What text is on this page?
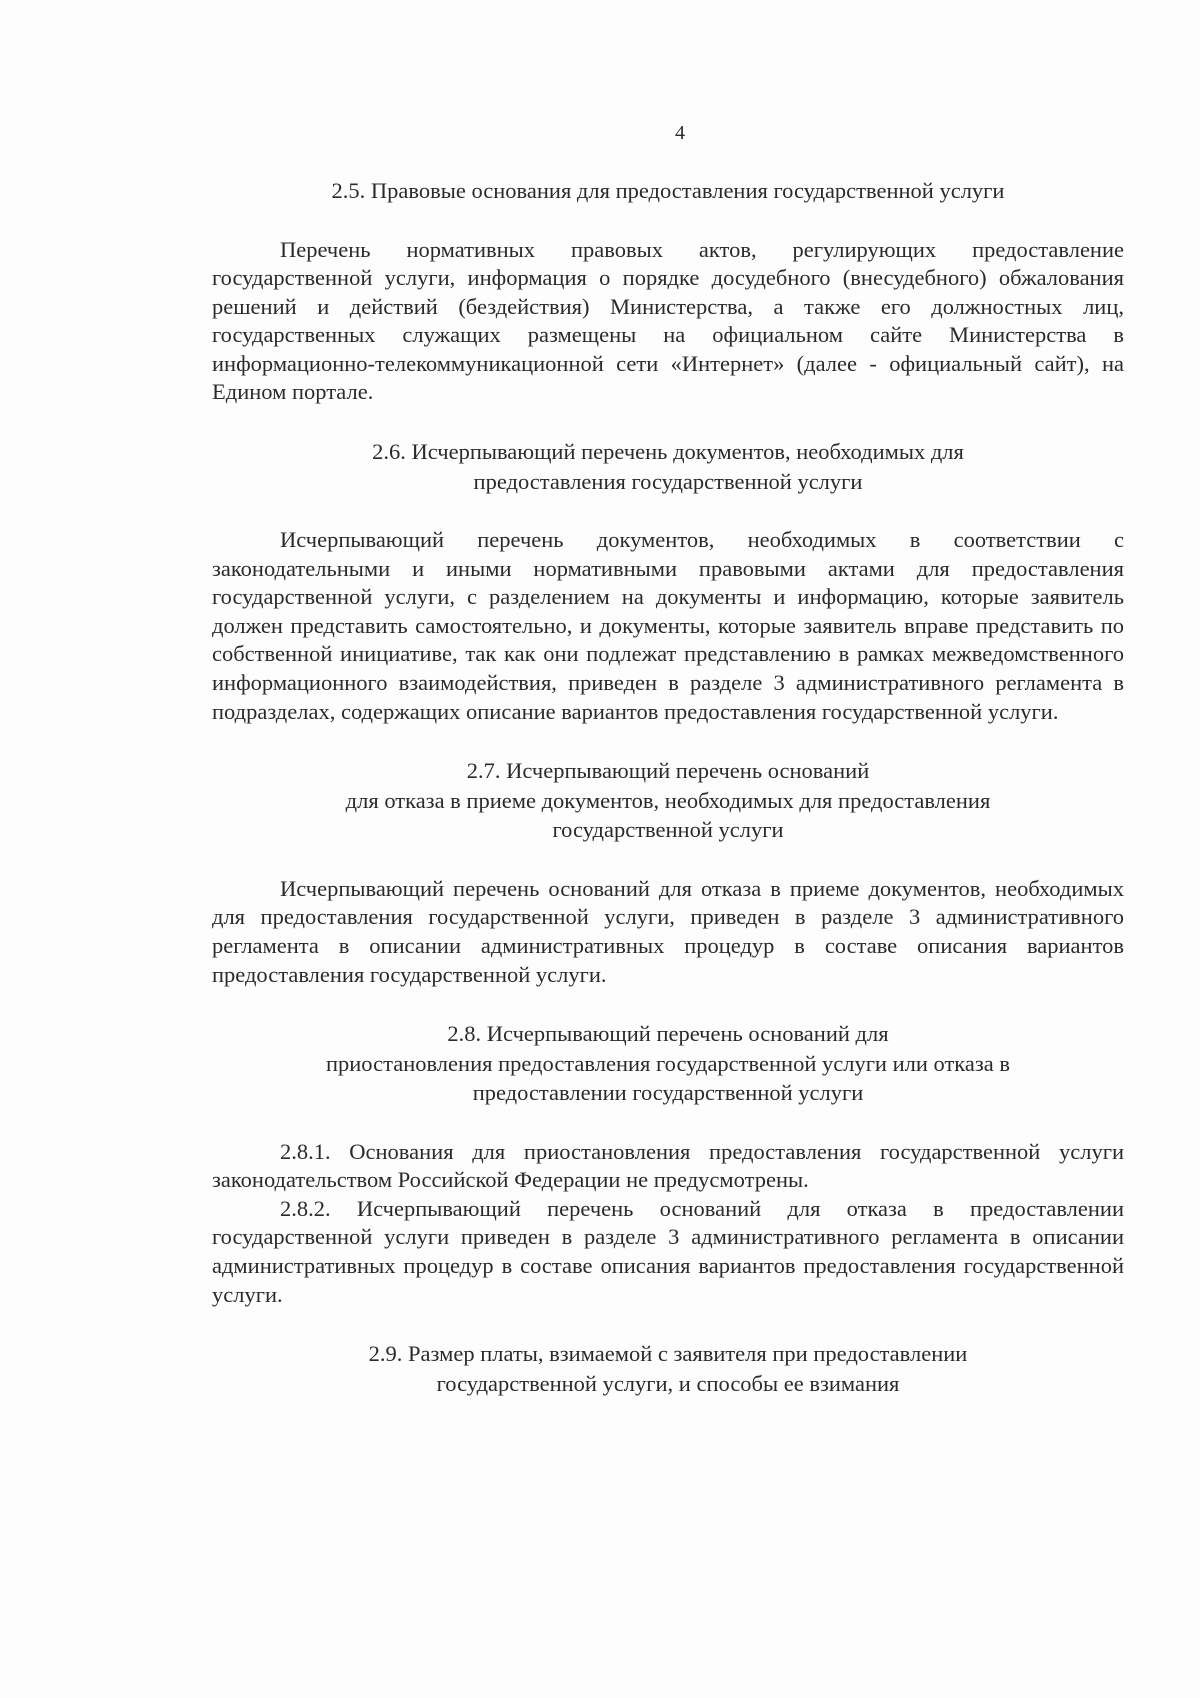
4
2.5. Правовые основания для предоставления государственной услуги

Перечень нормативных правовых актов, регулирующих предоставление государственной услуги, информация о порядке досудебного (внесудебного) обжалования решений и действий (бездействия) Министерства, а также его должностных лиц, государственных служащих размещены на официальном сайте Министерства в информационно-телекоммуникационной сети «Интернет» (далее - официальный сайт), на Едином портале.

2.6. Исчерпывающий перечень документов, необходимых для
предоставления государственной услуги

Исчерпывающий перечень документов, необходимых в соответствии с законодательными и иными нормативными правовыми актами для предоставления государственной услуги, с разделением на документы и информацию, которые заявитель должен представить самостоятельно, и документы, которые заявитель вправе представить по собственной инициативе, так как они подлежат представлению в рамках межведомственного информационного взаимодействия, приведен в разделе 3 административного регламента в подразделах, содержащих описание вариантов предоставления государственной услуги.

2.7. Исчерпывающий перечень оснований
для отказа в приеме документов, необходимых для предоставления
государственной услуги

Исчерпывающий перечень оснований для отказа в приеме документов, необходимых для предоставления государственной услуги, приведен в разделе 3 административного регламента в описании административных процедур в составе описания вариантов предоставления государственной услуги.

2.8. Исчерпывающий перечень оснований для
приостановления предоставления государственной услуги или отказа в
предоставлении государственной услуги

2.8.1. Основания для приостановления предоставления государственной услуги законодательством Российской Федерации не предусмотрены.

2.8.2. Исчерпывающий перечень оснований для отказа в предоставлении государственной услуги приведен в разделе 3 административного регламента в описании административных процедур в составе описания вариантов предоставления государственной услуги.

2.9. Размер платы, взимаемой с заявителя при предоставлении
государственной услуги, и способы ее взимания
